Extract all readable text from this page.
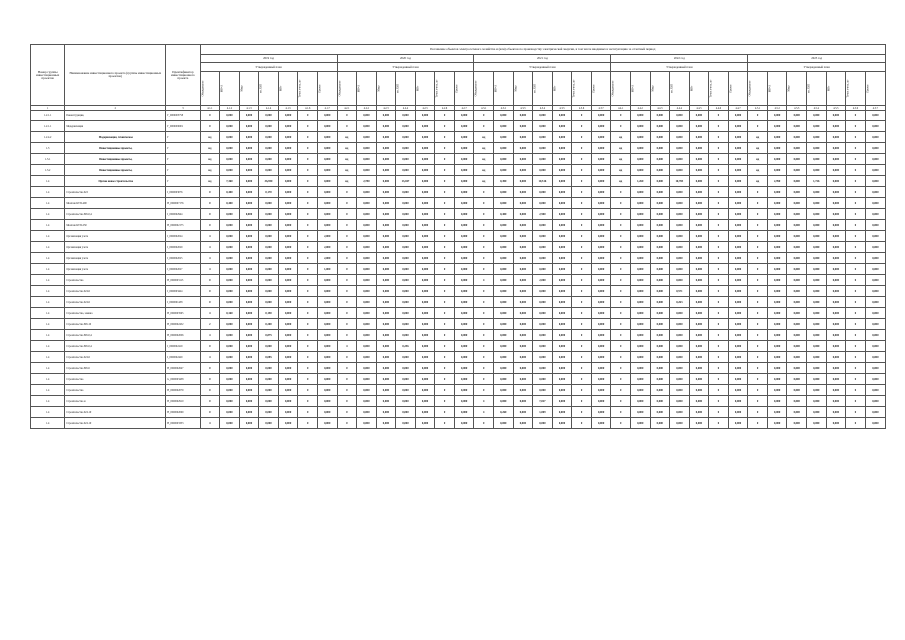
Номер группы инвестиционных проектов	Наименование инвестиционного проекта (группы инвестиционных проектов)	Идентификатор инвестиционного проекта	Погашение объектов электросетевого хозяйства и (или) объектов по производству электрической энергии, в том числе вводимых в эксплуатацию за отчетный период																																		
			2019 год							2020 год							2021 год							2022 год							2023 год						
			Утвержденный план							Утвержденный план							Утвержденный план							Утвержденный план							Утвержденный план						

			Оборудование	МВ×А	Мвар	км ЛЭП	МВт	Точки учета, шт	Прочее	Оборудование	МВ×А	Мвар	км ЛЭП	МВт	Точки учета, шт	Прочее	Оборудование	МВ×А	Мвар	км ЛЭП	МВт	Точки учета, шт	Прочее	Оборудование	МВ×А	Мвар	км ЛЭП	МВт	Точки учета, шт	Прочее	Оборудование	МВ×А	Мвар	км ЛЭП	МВт	Точки учета, шт	Прочее

1	2	3	4.1.1	4.1.2	4.1.3	4.1.4	4.1.5	4.1.6	4.1.7	4.2.1	4.2.2	4.2.3	4.2.4	4.2.5	4.2.6	4.2.7	4.3.1	4.3.2	4.3.3	4.3.4	4.3.5	4.3.6	4.3.7	4.4.1	4.4.2	4.4.3	4.4.4	4.4.5	4.4.6	4.4.7	4.5.1	4.5.2	4.5.3	4.5.4	4.5.5	4.5.6	4.5.7
1.2.1.1	Реконструкция,	Г_0000003758	0	0,000	0,000	0,000	0,000	0	0,000	0	0,000	0,000	0,000	0,000	0	0,000	0	0,000	0,000	0,000	0,000	0	0,000	0	0,000	0,000	0,000	0,000	0	0,000	0	0,000	0,000	0,000	0,000	0	0,000
1.2.1.1	Модернизация	Г_0000000001	0	0,000	0,000	0,000	0,000	0	0,000	0	0,000	0,000	0,000	0,000	0	0,000	0	0,000	0,000	0,000	0,000	0	0,000	0	0,000	0,000	0,000	0,000	0	0,000	0	0,000	0,000	0,000	0,000	0	0,000
1.2.4.2	Модернизация, техническое	Г	нд	0,000	0,000	0,000	0,000	0	0,000	нд	0,000	0,000	0,000	0,000	0	0,000	нд	0,000	0,000	0,000	0,000	0	0,000	нд	0,000	0,000	0,000	0,000	0	0,000	нд	0,000	0,000	0,000	0,000	0	0,000
1.3	Инвестиционные проекты,	Г	нд	0,000	0,000	0,000	0,000	0	0,000	нд	0,000	0,000	0,000	0,000	0	0,000	нд	0,000	0,000	0,000	0,000	0	0,000	нд	0,000	0,000	0,000	0,000	0	0,000	нд	0,000	0,000	0,000	0,000	0	0,000
1.3.1	Инвестиционные проекты,	Г	нд	0,000	0,000	0,000	0,000	0	0,000	нд	0,000	0,000	0,000	0,000	0	0,000	нд	0,000	0,000	0,000	0,000	0	0,000	нд	0,000	0,000	0,000	0,000	0	0,000	нд	0,000	0,000	0,000	0,000	0	0,000
1.3.2	Инвестиционные проекты,	Г	нд	0,000	0,000	0,000	0,000	0	0,000	нд	0,000	0,000	0,000	0,000	0	0,000	нд	0,000	0,000	0,000	0,000	0	0,000	нд	0,000	0,000	0,000	0,000	0	0,000	нд	0,000	0,000	0,000	0,000	0	0,000
1.4	Прочее новое строительство	Г	нд	7,360	0,000	36,950	0,000	0	0,000	нд	2,780	0,000	13,047	0,000	0	0,000	нд	0,490	0,000	10,516	0,000	0	0,000	нд	1,260	0,000	10,783	0,000	0	0,000	нд	2,990	0,000	1,726	0,000	0	0,000
1.4	Строительство КЛ	I_0000003076	0	0,400	0,000	0,170	0,000	0	0,000	0	0,000	0,000	0,000	0,000	0	0,000	0	0,000	0,000	0,000	0,000	0	0,000	0	0,000	0,000	0,000	0,000	0	0,000	0	0,000	0,000	0,000	0,000	0	0,000
1.4	Монтаж КТП-400	H_0000007176	0	0,400	0,000	0,000	0,000	0	0,000	0	0,000	0,000	0,000	0,000	0	0,000	0	0,000	0,000	0,000	0,000	0	0,000	0	0,000	0,000	0,000	0,000	0	0,000	0	0,000	0,000	0,000	0,000	0	0,000
1.4	Строительство ВЛ-0,4	I_0000002944	0	0,000	0,000	0,000	0,000	0	0,000	0	0,000	0,000	0,000	0,000	0	0,000	0	0,400	0,000	2,900	0,000	0	0,000	0	0,000	0,000	0,000	0,000	0	0,000	0	0,000	0,000	0,000	0,000	0	0,000
1.4	Монтаж КТП-250	H_0000002175	0	0,000	0,000	0,000	0,000	0	0,000	0	0,000	0,000	0,000	0,000	0	0,000	0	0,000	0,000	0,000	0,000	0	0,000	0	0,000	0,000	0,000	0,000	0	0,000	0	0,000	0,000	0,000	0,000	0	0,000
1.4	Организация учета	I_0000002024	4	0,000	0,000	0,000	0,000	0	2,000	0	0,000	0,000	0,000	0,000	0	0,000	0	0,000	0,000	0,000	0,000	0	0,000	0	0,000	0,000	0,000	0,000	0	0,000	0	0,000	0,000	0,000	0,000	0	0,000
1.4	Организация учета	I_0000002029	4	0,000	0,000	0,000	0,000	0	2,000	0	0,000	0,000	0,000	0,000	0	0,000	0	0,000	0,000	0,000	0,000	0	0,000	0	0,000	0,000	0,000	0,000	0	0,000	0	0,000	0,000	0,000	0,000	0	0,000
1.4	Организация учета	I_0000002025	4	0,000	0,000	0,000	0,000	0	2,000	0	0,000	0,000	0,000	0,000	0	0,000	0	0,000	0,000	0,000	0,000	0	0,000	0	0,000	0,000	0,000	0,000	0	0,000	0	0,000	0,000	0,000	0,000	0	0,000
1.4	Организация учета	I_0000002027	4	0,000	0,000	0,000	0,000	0	1,000	0	0,000	0,000	0,000	0,000	0	0,000	0	0,000	0,000	0,000	0,000	0	0,000	0	0,000	0,000	0,000	0,000	0	0,000	0	0,000	0,000	0,000	0,000	0	0,000
1.4	Строительство	H_0000003115	0	0,000	0,000	0,000	0,000	0	0,000	0	0,000	0,000	0,000	0,000	0	0,000	4	0,000	0,000	2,000	0,000	0	0,000	0	0,000	0,000	0,000	0,000	0	0,000	0	0,000	0,000	0,000	0,000	0	0,000
1.4	Строительство КЛ-6	I_0000003424	0	0,000	0,000	0,000	0,000	0	0,000	0	0,000	0,000	0,000	0,000	0	0,000	0	0,000	0,000	0,000	0,000	0	0,000	0	0,000	0,000	0,571	0,000	0	0,000	0	0,000	0,000	0,000	0,000	0	0,000
1.4	Строительство КЛ-6	I_0000001438	0	0,000	0,000	0,000	0,000	0	0,000	0	0,000	0,000	0,000	0,000	0	0,000	0	0,000	0,000	0,000	0,000	0	0,000	0	0,000	0,000	0,263	0,000	0	0,000	0	0,000	0,000	0,000	0,000	0	0,000
1.4	Строительство, замена	H_0000003565	4	0,160	0,000	0,190	0,000	0	0,000	0	0,000	0,000	0,000	0,000	0	0,000	0	0,000	0,000	0,000	0,000	0	0,000	0	0,000	0,000	0,000	0,000	0	0,000	0	0,000	0,000	0,000	0,000	0	0,000
1.4	Строительство ВЛ-10	H_0000002452	2	0,000	0,000	0,200	0,000	0	0,000	0	0,000	0,000	0,000	0,000	0	0,000	0	0,000	0,000	0,000	0,000	0	0,000	0	0,000	0,000	0,000	0,000	0	0,000	0	0,000	0,000	0,000	0,000	0	0,000
1.4	Строительство ВЛ-0,4	H_0000002006	4	0,000	0,000	0,875	0,000	0	0,000	0	0,000	0,000	0,000	0,000	0	0,000	0	0,000	0,000	0,000	0,000	0	0,000	0	0,000	0,000	0,000	0,000	0	0,000	0	0,000	0,000	0,000	0,000	0	0,000
1.4	Строительство ВЛ-0,4	I_0000002419	0	0,000	0,000	0,000	0,000	0	0,000	4	0,000	0,000	0,256	0,000	0	0,000	0	0,000	0,000	0,000	0,000	0	0,000	0	0,000	0,000	0,000	0,000	0	0,000	0	0,000	0,000	0,000	0,000	0	0,000
1.4	Строительство КЛ-6	I_0000002429	4	0,000	0,000	0,085	0,000	0	0,000	0	0,000	0,000	0,000	0,000	0	0,000	0	0,000	0,000	0,000	0,000	0	0,000	0	0,000	0,000	0,000	0,000	0	0,000	0	0,000	0,000	0,000	0,000	0	0,000
1.4	Строительство ВЛ-6	H_0000002647	0	0,000	0,000	0,000	0,000	0	0,000	0	0,000	0,000	0,000	0,000	0	0,000	0	0,000	0,000	0,000	0,000	0	0,000	0	0,000	0,000	0,000	0,000	0	0,000	0	0,000	0,000	0,000	0,000	0	0,000
1.4	Строительство	G_0000003438	0	0,000	0,000	0,000	0,000	0	0,000	0	0,000	0,000	0,000	0,000	0	0,000	0	0,000	0,000	0,000	0,000	0	0,000	0	0,000	0,000	0,000	0,000	0	0,000	0	0,000	0,000	0,000	0,000	0	0,000
1.4	Строительство	H_0000002079	0	0,000	0,000	0,000	0,000	0	0,000	0	0,000	0,000	0,000	0,000	0	0,000	0	0,000	0,000	0,000	0,000	0	0,000	0	0,000	0,000	0,000	0,000	0	0,000	0	0,000	0,000	0,000	0,000	0	0,000
1.4	Строительство и	H_0000002910	0	0,000	0,000	0,000	0,000	0	0,000	0	0,000	0,000	0,000	0,000	0	0,000	4	0,000	0,000	7,027	0,000	0	0,000	0	0,000	0,000	0,000	0,000	0	0,000	0	0,000	0,000	0,000	0,000	0	0,000
1.4	Строительство КЛ-10	H_0000002069	0	0,000	0,000	0,000	0,000	0	0,000	0	0,000	0,000	0,000	0,000	0	0,000	4	0,260	0,000	1,009	0,000	0	0,000	0	0,000	0,000	0,000	0,000	0	0,000	0	0,000	0,000	0,000	0,000	0	0,000
1.4	Строительство КЛ-10	H_0000003333	4	0,000	0,000	0,000	0,000	0	0,000	0	0,000	0,000	0,000	0,000	0	0,000	0	0,000	0,000	0,000	0,000	0	0,000	0	0,000	0,000	0,000	0,000	0	0,000	0	0,000	0,000	0,000	0,000	0	0,000
